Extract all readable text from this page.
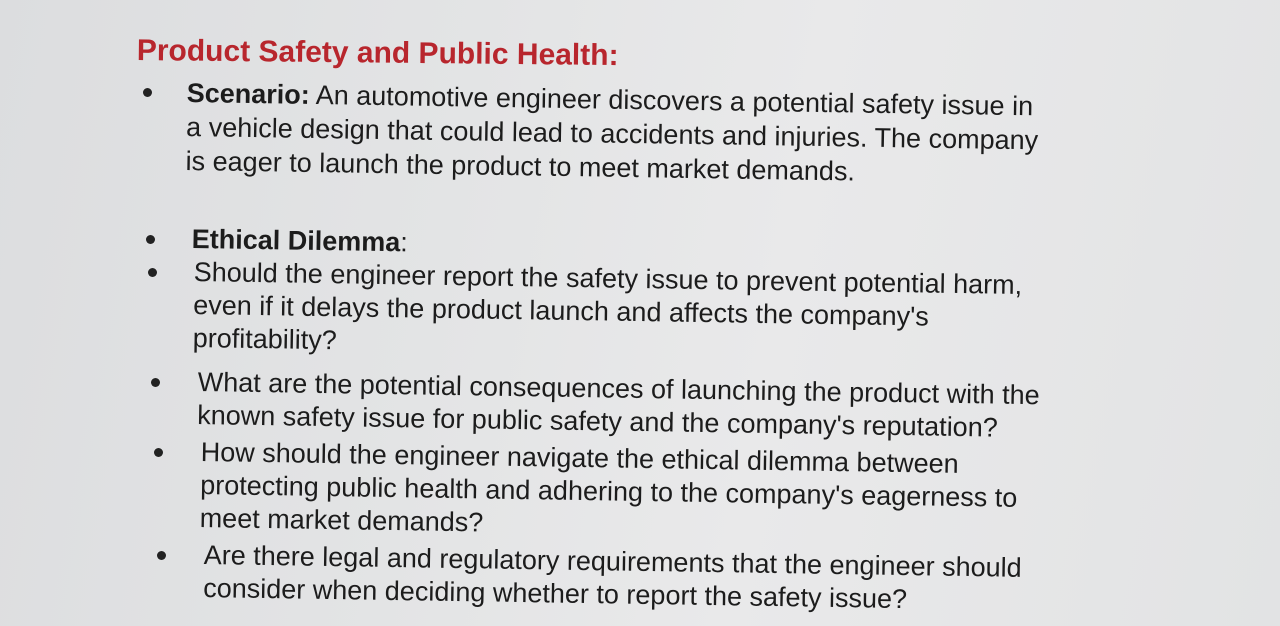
Product Safety and Public Health:
Scenario: An automotive engineer discovers a potential safety issue in
a vehicle design that could lead to accidents and injuries. The company
is eager to launch the product to meet market demands.
Ethical Dilemma:
Should the engineer report the safety issue to prevent potential harm,
even if it delays the product launch and affects the company's
profitability?
What are the potential consequences of launching the product with the
known safety issue for public safety and the company's reputation?
How should the engineer navigate the ethical dilemma between
protecting public health and adhering to the company's eagerness to
meet market demands?
Are there legal and regulatory requirements that the engineer should
consider when deciding whether to report the safety issue?
